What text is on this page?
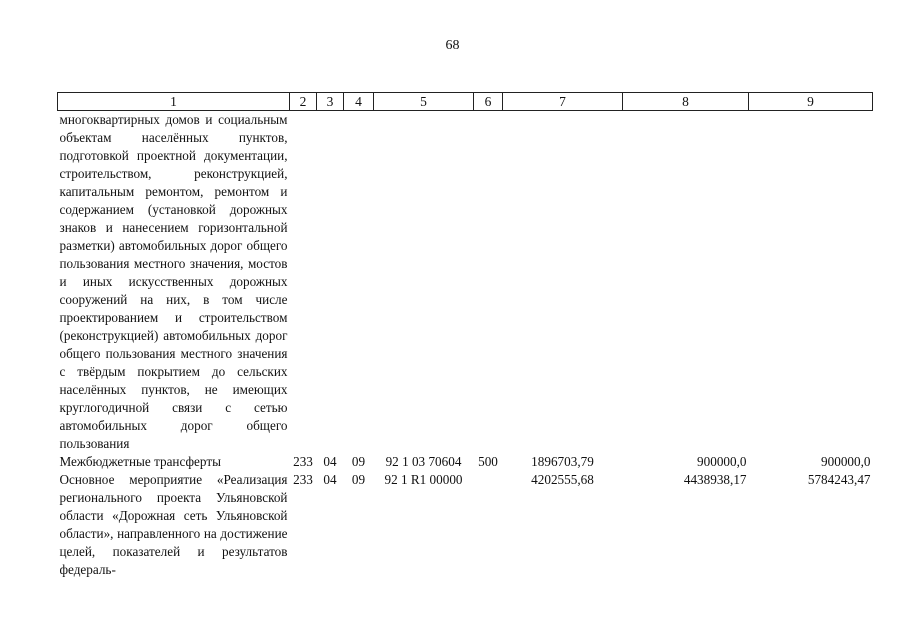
68
1	2	3	4	5	6	7	8	9
многоквартирных домов и социальным объектам населённых пунктов, подготовкой проектной документации, строительством, реконструкцией, капитальным ремонтом, ремонтом и содержанием (установкой дорожных знаков и нанесением горизонтальной разметки) автомобильных дорог общего пользования местного значения, мостов и иных искусственных дорожных сооружений на них, в том числе проектированием и строительством (реконструкцией) автомобильных дорог общего пользования местного значения с твёрдым покрытием до сельских населённых пунктов, не имеющих круглогодичной связи с сетью автомобильных дорог общего пользования								
Межбюджетные трансферты	233	04	09	92 1 03 70604	500	1896703,79	900000,0	900000,0
Основное мероприятие «Реализация регионального проекта Ульяновской области «Дорожная сеть Ульяновской области», направленного на достижение целей, показателей и результатов федераль-	233	04	09	92 1 R1 00000		4202555,68	4438938,17	5784243,47
